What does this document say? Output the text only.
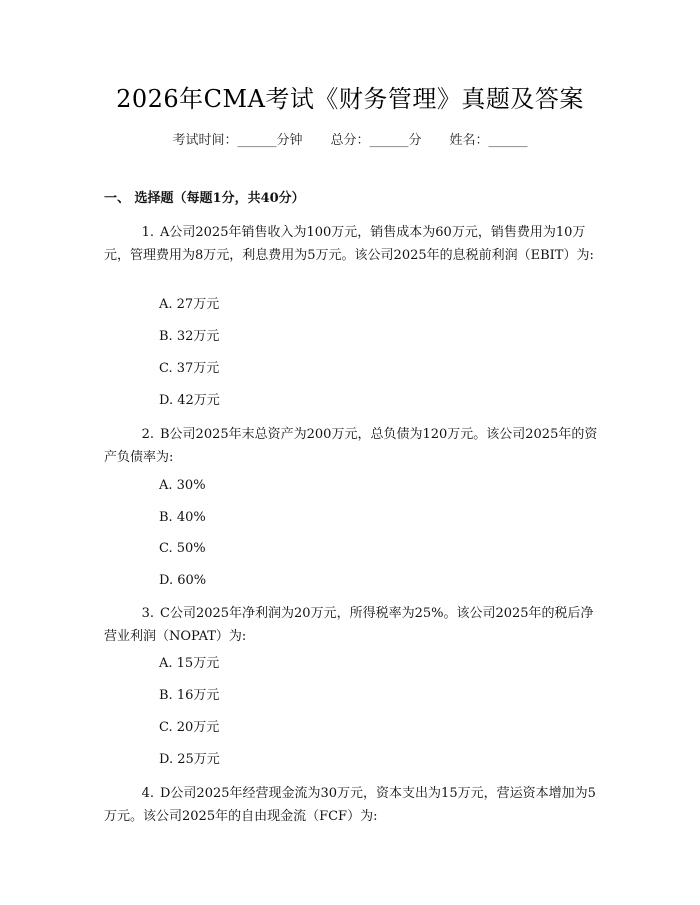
2026年CMA考试《财务管理》真题及答案
考试时间：______分钟 总分：______分 姓名：______
一、 选择题（每题1分，共40分）
1. A公司2025年销售收入为100万元，销售成本为60万元，销售费用为10万元，管理费用为8万元，利息费用为5万元。该公司2025年的息税前利润（EBIT）为:
A. 27万元
B. 32万元
C. 37万元
D. 42万元
2. B公司2025年末总资产为200万元，总负债为120万元。该公司2025年的资产负债率为:
A. 30%
B. 40%
C. 50%
D. 60%
3. C公司2025年净利润为20万元，所得税率为25%。该公司2025年的税后净营业利润（NOPAT）为:
A. 15万元
B. 16万元
C. 20万元
D. 25万元
4. D公司2025年经营现金流为30万元，资本支出为15万元，营运资本增加为5万元。该公司2025年的自由现金流（FCF）为:
